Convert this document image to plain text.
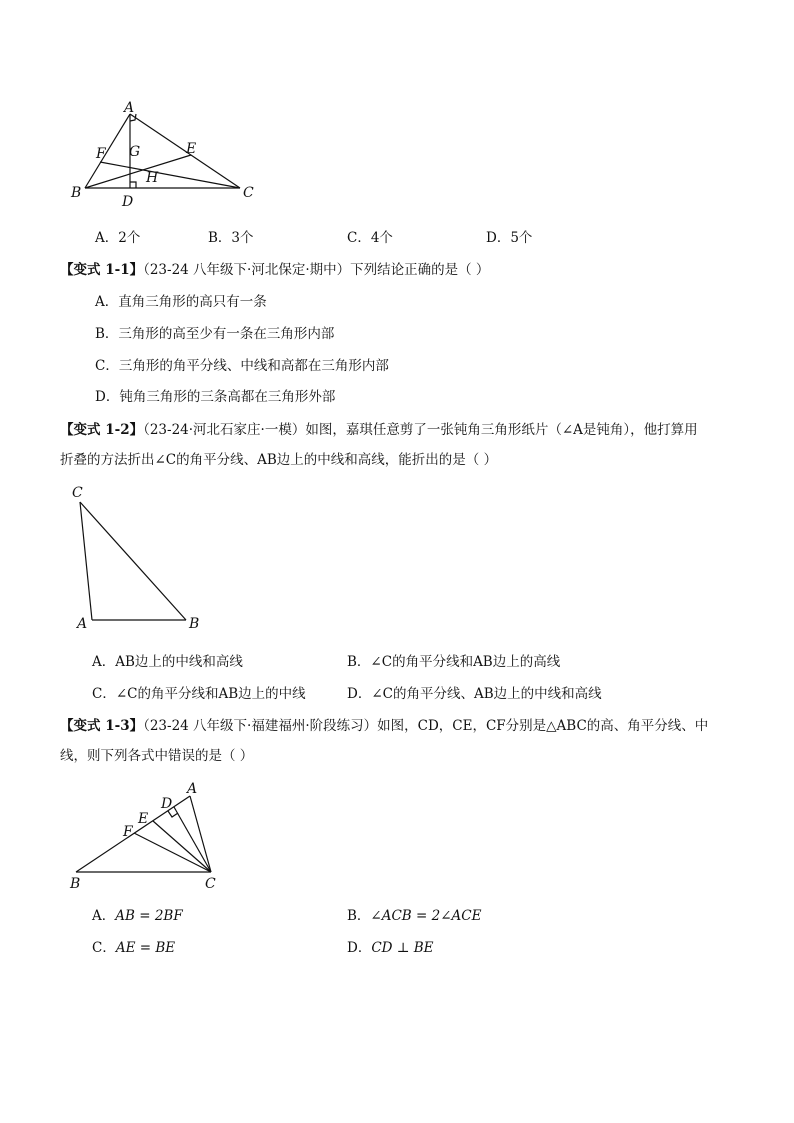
A
B	C
D
E
F G
H
A．2个	B．3个	C．4个	D．5个
【变式 1-1】（23-24 八年级下·河北保定·期中）下列结论正确的是（ ）
A．直角三角形的高只有一条
B．三角形的高至少有一条在三角形内部
C．三角形的角平分线、中线和高都在三角形内部
D．钝角三角形的三条高都在三角形外部
【变式 1-2】（23-24·河北石家庄·一模）如图，嘉琪任意剪了一张钝角三角形纸片（∠A是钝角），他打算用
折叠的方法折出∠C的角平分线、AB边上的中线和高线，能折出的是（ ）
C
A	B
A．AB边上的中线和高线	B．∠C的角平分线和AB边上的高线
C．∠C的角平分线和AB边上的中线	D．∠C的角平分线、AB边上的中线和高线
【变式 1-3】（23-24 八年级下·福建福州·阶段练习）如图，CD，CE，CF分别是△ABC的高、角平分线、中
线，则下列各式中错误的是（ ）
A
D
E
F
B	C
A．AB = 2BF	B．∠ACB = 2∠ACE
C．AE = BE	D．CD ⊥ BE
